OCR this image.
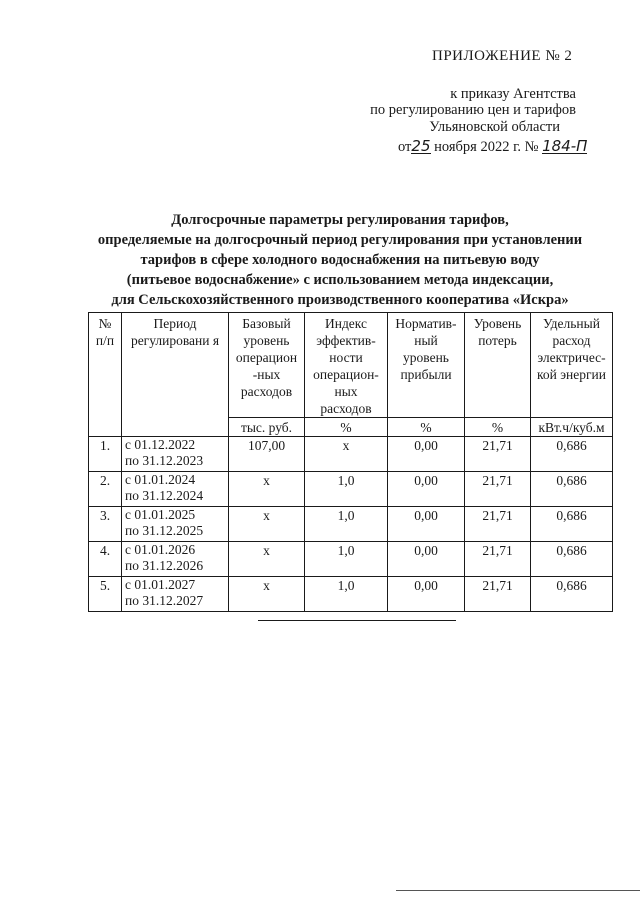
ПРИЛОЖЕНИЕ № 2
к приказу Агентства
по регулированию цен и тарифов
Ульяновской области
от25 ноября 2022 г. № 184-П
Долгосрочные параметры регулирования тарифов,
определяемые на долгосрочный период регулирования при установлении
тарифов в сфере холодного водоснабжения на питьевую воду
(питьевое водоснабжение» с использованием метода индексации,
для Сельскохозяйственного производственного кооператива «Искра»
№ п/п	Период регулировани я	Базовый уровень операцион -ных расходов	Индекс эффектив-ности операцион-ных расходов	Норматив-ный уровень прибыли	Уровень потерь	Удельный расход электричес-кой энергии
		тыс. руб.	%	%	%	кВт.ч/куб.м
1.	с 01.12.2022
по 31.12.2023	107,00	х	0,00	21,71	0,686
2.	с 01.01.2024
по 31.12.2024	х	1,0	0,00	21,71	0,686
3.	с 01.01.2025
по 31.12.2025	х	1,0	0,00	21,71	0,686
4.	с 01.01.2026
по 31.12.2026	х	1,0	0,00	21,71	0,686
5.	с 01.01.2027
по 31.12.2027	х	1,0	0,00	21,71	0,686
